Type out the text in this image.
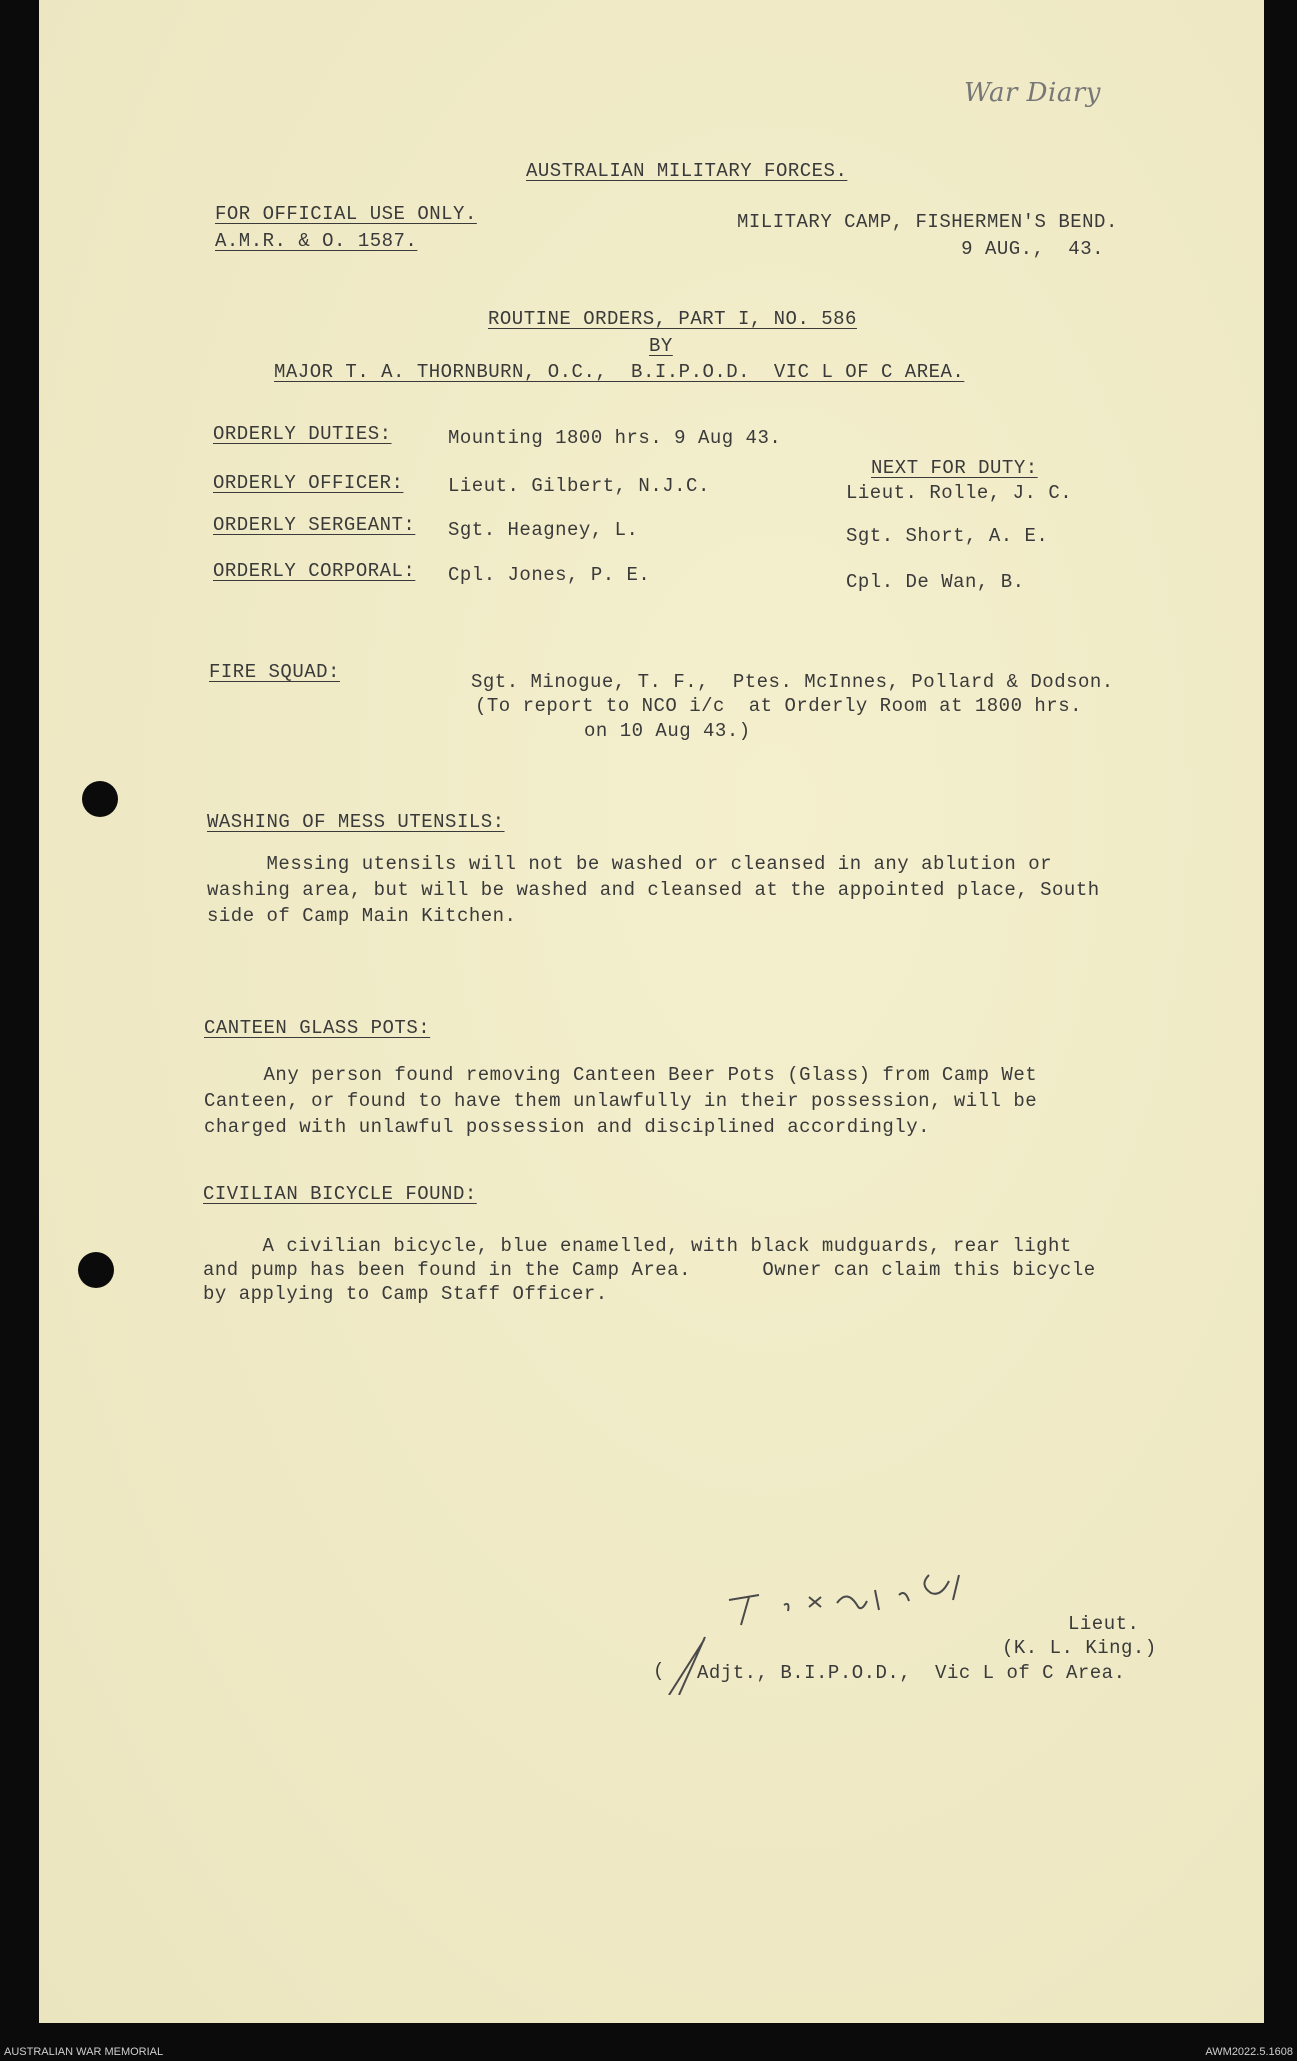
War Diary
AUSTRALIAN MILITARY FORCES.
FOR OFFICIAL USE ONLY.
A.M.R. & O. 1587.
MILITARY CAMP, FISHERMEN'S BEND.
9 AUG.,  43.
ROUTINE ORDERS, PART I, NO. 586
BY
MAJOR T. A. THORNBURN, O.C.,  B.I.P.O.D.  VIC L OF C AREA.
ORDERLY DUTIES:	Mounting 1800 hrs. 9 Aug 43.
NEXT FOR DUTY:
ORDERLY OFFICER: Lieut. Gilbert, N.J.C.	Lieut. Rolle, J. C.
ORDERLY SERGEANT: Sgt. Heagney, L.	Sgt. Short, A. E.
ORDERLY CORPORAL: Cpl. Jones, P. E.	Cpl. De Wan, B.
FIRE SQUAD:	Sgt. Minogue, T. F.,  Ptes. McInnes, Pollard & Dodson.
(To report to NCO i/c  at Orderly Room at 1800 hrs.
on 10 Aug 43.)
WASHING OF MESS UTENSILS:
Messing utensils will not be washed or cleansed in any ablution or
washing area, but will be washed and cleansed at the appointed place, South
side of Camp Main Kitchen.
CANTEEN GLASS POTS:
Any person found removing Canteen Beer Pots (Glass) from Camp Wet
Canteen, or found to have them unlawfully in their possession, will be
charged with unlawful possession and disciplined accordingly.
CIVILIAN BICYCLE FOUND:
A civilian bicycle, blue enamelled, with black mudguards, rear light
and pump has been found in the Camp Area.      Owner can claim this bicycle
by applying to Camp Staff Officer.
Lieut.
(K. L. King.)
( Adjt., B.I.P.O.D.,  Vic L of C Area.
AUSTRALIAN WAR MEMORIAL	AWM2022.5.1608
